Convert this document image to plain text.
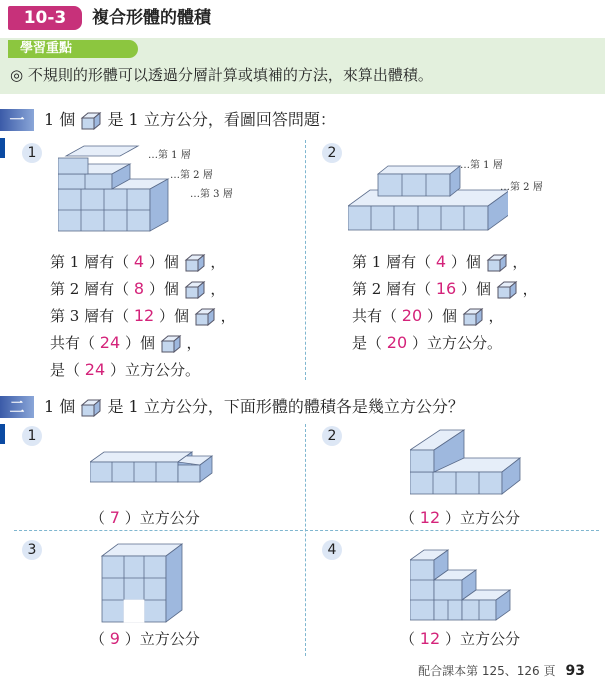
10-3	複合形體的體積
學習重點
◎ 不規則的形體可以透過分層計算或填補的方法，來算出體積。
一	1 個 是 1 立方公分，看圖回答問題：
1	…第 1 層
…第 2 層
…第 3 層
第 1 層有（ 4 ）個 ，
第 2 層有（ 8 ）個 ，
第 3 層有（ 12 ）個 ，
共有（ 24 ）個 ，
是（ 24 ）立方公分。
2
…第 1 層
…第 2 層
第 1 層有（ 4 ）個 ，
第 2 層有（ 16 ）個 ，
共有（ 20 ）個 ，
是（ 20 ）立方公分。
二	1 個 是 1 立方公分，下面形體的體積各是幾立方公分？
1
（ 7 ）立方公分
2
（ 12 ）立方公分
3
（ 9 ）立方公分
4
（ 12 ）立方公分
配合課本第 125、126 頁 93
